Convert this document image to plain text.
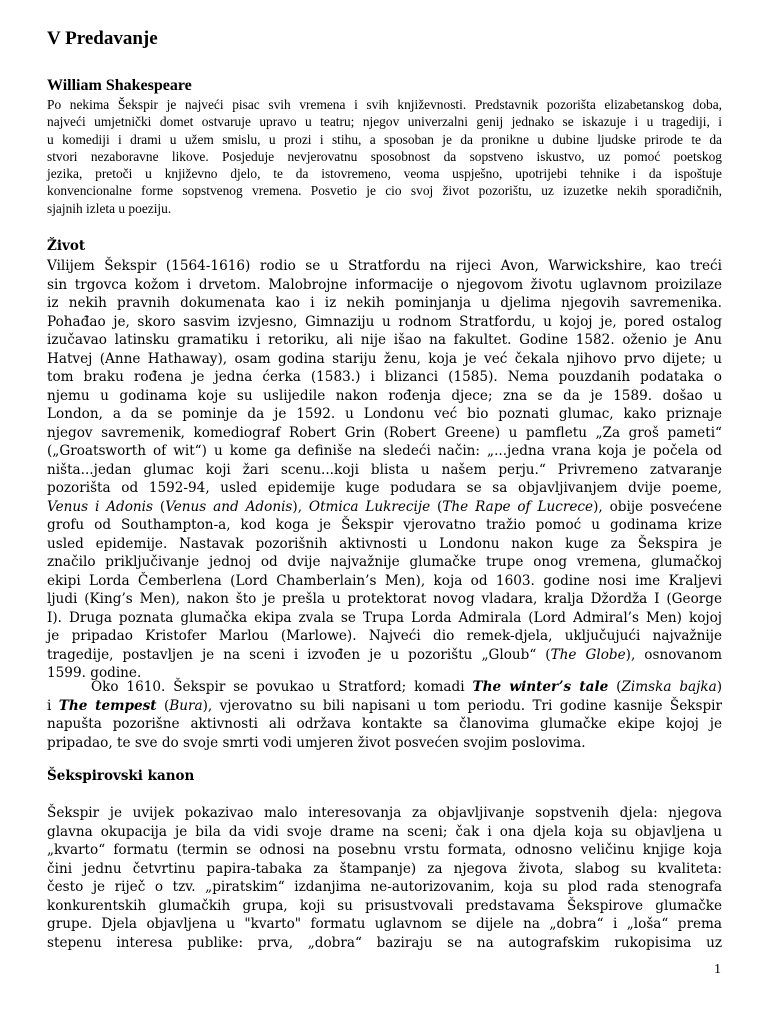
V Predavanje
William Shakespeare
Po nekima Šekspir je najveći pisac svih vremena i svih književnosti. Predstavnik pozorišta elizabetanskog doba,
najveći umjetnički domet ostvaruje upravo u teatru; njegov univerzalni genij jednako se iskazuje i u tragediji, i
u komediji i drami u užem smislu, u prozi i stihu, a sposoban je da pronikne u dubine ljudske prirode te da
stvori nezaboravne likove. Posjeduje nevjerovatnu sposobnost da sopstveno iskustvo, uz pomoć poetskog
jezika, pretoči u književno djelo, te da istovremeno, veoma uspješno, upotrijebi tehnike i da ispoštuje
konvencionalne forme sopstvenog vremena. Posvetio je cio svoj život pozorištu, uz izuzetke nekih sporadičnih,
sjajnih izleta u poeziju.
Život
Vilijem Šekspir (1564-1616) rodio se u Stratfordu na rijeci Avon, Warwickshire, kao treći
sin trgovca kožom i drvetom. Malobrojne informacije o njegovom životu uglavnom proizilaze
iz nekih pravnih dokumenata kao i iz nekih pominjanja u djelima njegovih savremenika.
Pohađao je, skoro sasvim izvjesno, Gimnaziju u rodnom Stratfordu, u kojoj je, pored ostalog
izučavao latinsku gramatiku i retoriku, ali nije išao na fakultet. Godine 1582. oženio je Anu
Hatvej (Anne Hathaway), osam godina stariju ženu, koja je već čekala njihovo prvo dijete; u
tom braku rođena je jedna ćerka (1583.) i blizanci (1585). Nema pouzdanih podataka o
njemu u godinama koje su uslijedile nakon rođenja djece; zna se da je 1589. došao u
London, a da se pominje da je 1592. u Londonu već bio poznati glumac, kako priznaje
njegov savremenik, komediograf Robert Grin (Robert Greene) u pamfletu „Za groš pameti“
(„Groatsworth of wit“) u kome ga definiše na sledeći način: „...jedna vrana koja je počela od
ništa...jedan glumac koji žari scenu...koji blista u našem perju.“ Privremeno zatvaranje
pozorišta od 1592-94, usled epidemije kuge podudara se sa objavljivanjem dvije poeme,
Venus i Adonis (Venus and Adonis), Otmica Lukrecije (The Rape of Lucrece), obije posvećene
grofu od Southampton-a, kod koga je Šekspir vjerovatno tražio pomoć u godinama krize
usled epidemije. Nastavak pozorišnih aktivnosti u Londonu nakon kuge za Šekspira je
značilo priključivanje jednoj od dvije najvažnije glumačke trupe onog vremena, glumačkoj
ekipi Lorda Čemberlena (Lord Chamberlain’s Men), koja od 1603. godine nosi ime Kraljevi
ljudi (King’s Men), nakon što je prešla u protektorat novog vladara, kralja Džordža I (George
I). Druga poznata glumačka ekipa zvala se Trupa Lorda Admirala (Lord Admiral’s Men) kojoj
je pripadao Kristofer Marlou (Marlowe). Najveći dio remek-djela, uključujući najvažnije
tragedije, postavljen je na sceni i izvođen je u pozorištu „Gloub“ (The Globe), osnovanom
1599. godine.
Oko 1610. Šekspir se povukao u Stratford; komadi The winter’s tale (Zimska bajka)
i The tempest (Bura), vjerovatno su bili napisani u tom periodu. Tri godine kasnije Šekspir
napušta pozorišne aktivnosti ali održava kontakte sa članovima glumačke ekipe kojoj je
pripadao, te sve do svoje smrti vodi umjeren život posvećen svojim poslovima.
Šekspirovski kanon
Šekspir je uvijek pokazivao malo interesovanja za objavljivanje sopstvenih djela: njegova
glavna okupacija je bila da vidi svoje drame na sceni; čak i ona djela koja su objavljena u
„kvarto“ formatu (termin se odnosi na posebnu vrstu formata, odnosno veličinu knjige koja
čini jednu četvrtinu papira-tabaka za štampanje) za njegova života, slabog su kvaliteta:
često je riječ o tzv. „piratskim“ izdanjima ne-autorizovanim, koja su plod rada stenografa
konkurentskih glumačkih grupa, koji su prisustvovali predstavama Šekspirove glumačke
grupe. Djela objavljena u "kvarto" formatu uglavnom se dijele na „dobra“ i „loša“ prema
stepenu interesa publike: prva, „dobra“ baziraju se na autografskim rukopisima uz
1
